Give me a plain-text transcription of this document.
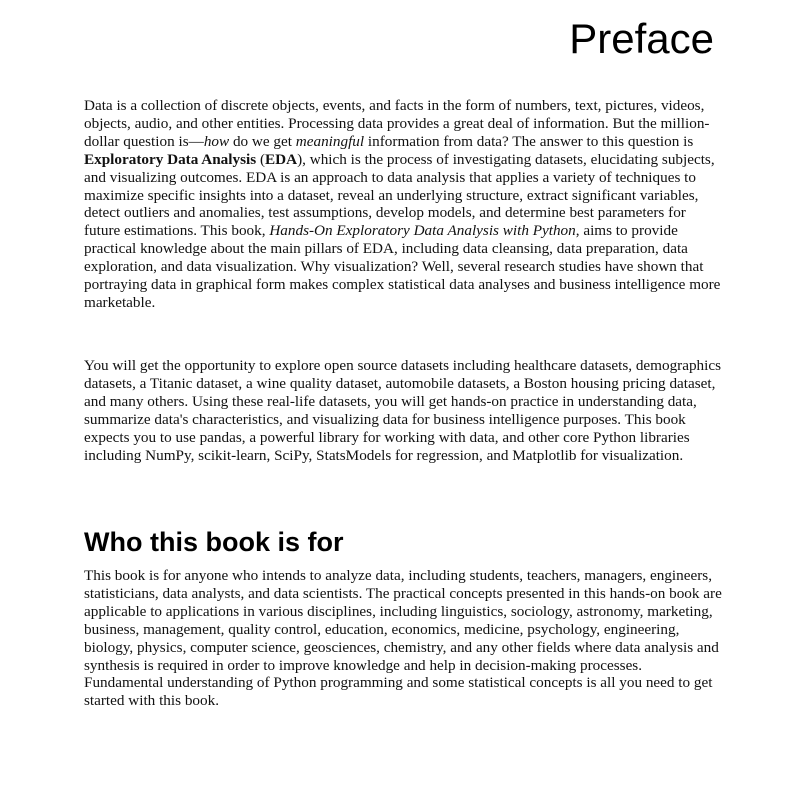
Preface

Data is a collection of discrete objects, events, and facts in the form of numbers, text, pictures, videos, objects, audio, and other entities. Processing data provides a great deal of information. But the million-dollar question is—how do we get meaningful information from data? The answer to this question is Exploratory Data Analysis (EDA), which is the process of investigating datasets, elucidating subjects, and visualizing outcomes. EDA is an approach to data analysis that applies a variety of techniques to maximize specific insights into a dataset, reveal an underlying structure, extract significant variables, detect outliers and anomalies, test assumptions, develop models, and determine best parameters for future estimations. This book, Hands-On Exploratory Data Analysis with Python, aims to provide practical knowledge about the main pillars of EDA, including data cleansing, data preparation, data exploration, and data visualization. Why visualization? Well, several research studies have shown that portraying data in graphical form makes complex statistical data analyses and business intelligence more marketable.

You will get the opportunity to explore open source datasets including healthcare datasets, demographics datasets, a Titanic dataset, a wine quality dataset, automobile datasets, a Boston housing pricing dataset, and many others. Using these real-life datasets, you will get hands-on practice in understanding data, summarize data's characteristics, and visualizing data for business intelligence purposes. This book expects you to use pandas, a powerful library for working with data, and other core Python libraries including NumPy, scikit-learn, SciPy, StatsModels for regression, and Matplotlib for visualization.

Who this book is for

This book is for anyone who intends to analyze data, including students, teachers, managers, engineers, statisticians, data analysts, and data scientists. The practical concepts presented in this hands-on book are applicable to applications in various disciplines, including linguistics, sociology, astronomy, marketing, business, management, quality control, education, economics, medicine, psychology, engineering, biology, physics, computer science, geosciences, chemistry, and any other fields where data analysis and synthesis is required in order to improve knowledge and help in decision-making processes. Fundamental understanding of Python programming and some statistical concepts is all you need to get started with this book.
